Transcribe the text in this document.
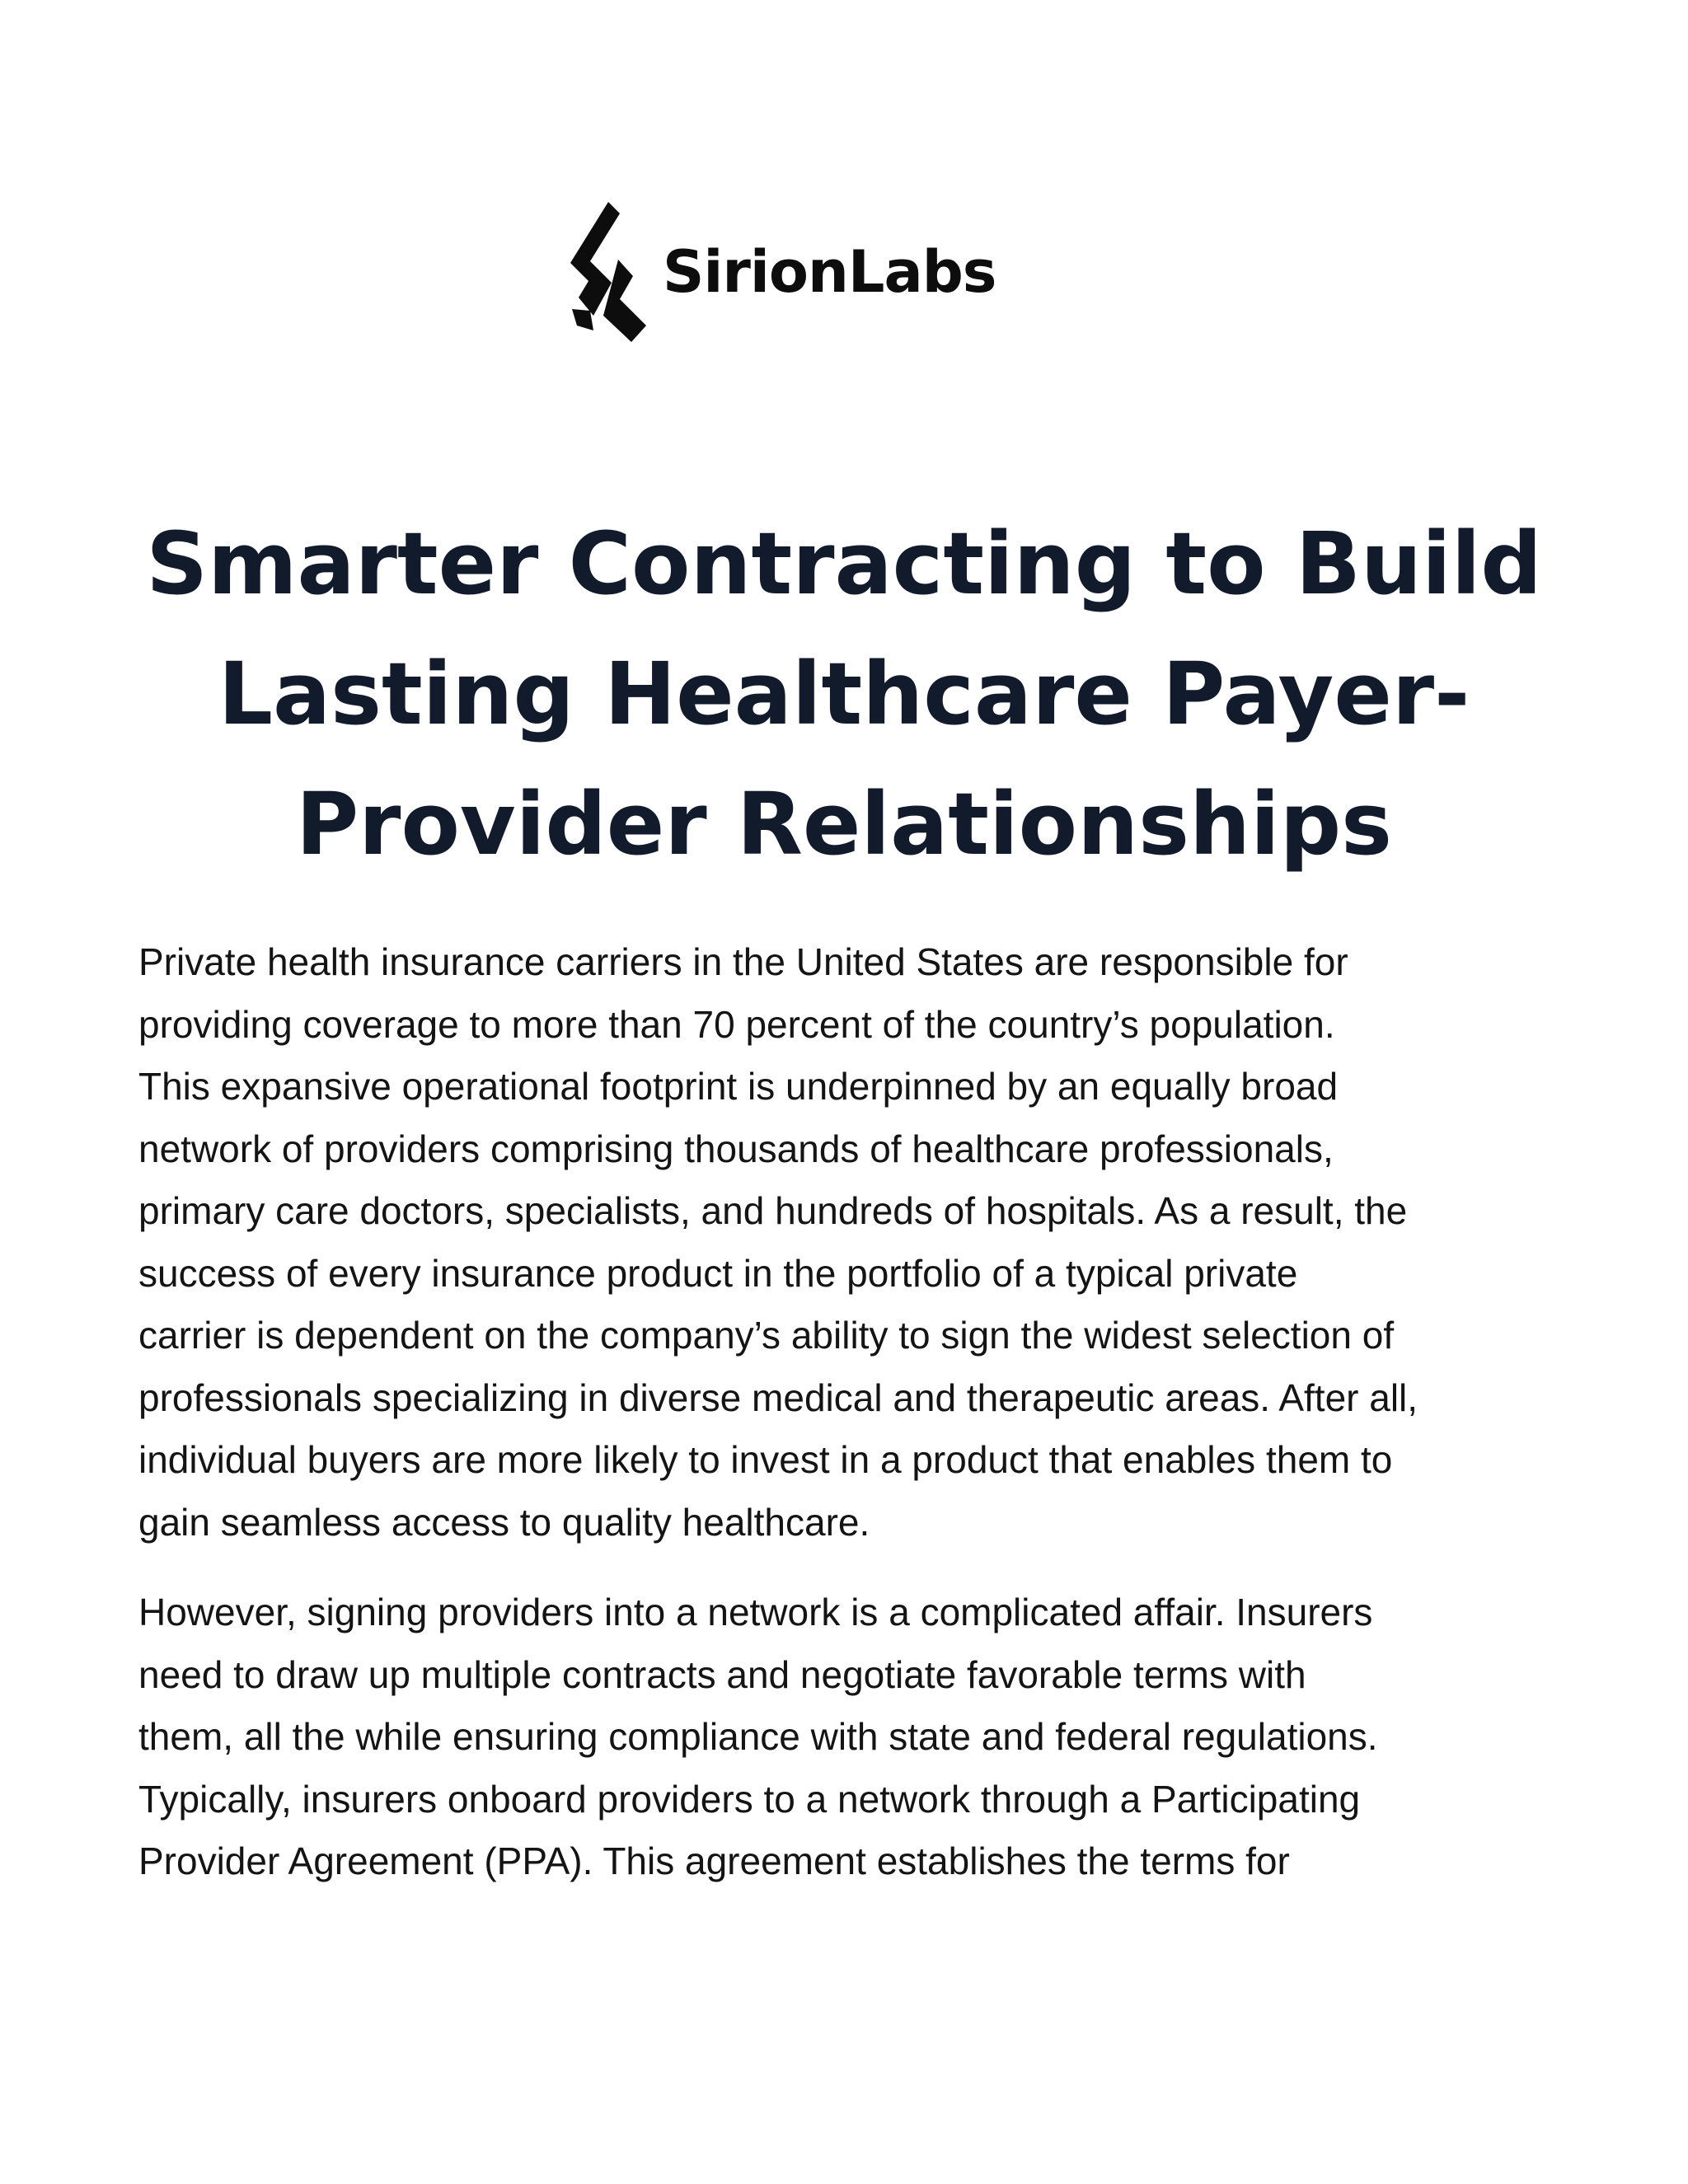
SirionLabs
Smarter Contracting to Build
Lasting Healthcare Payer-
Provider Relationships

Private health insurance carriers in the United States are responsible for
providing coverage to more than 70 percent of the country’s population.
This expansive operational footprint is underpinned by an equally broad
network of providers comprising thousands of healthcare professionals,
primary care doctors, specialists, and hundreds of hospitals. As a result, the
success of every insurance product in the portfolio of a typical private
carrier is dependent on the company’s ability to sign the widest selection of
professionals specializing in diverse medical and therapeutic areas. After all,
individual buyers are more likely to invest in a product that enables them to
gain seamless access to quality healthcare.

However, signing providers into a network is a complicated affair. Insurers
need to draw up multiple contracts and negotiate favorable terms with
them, all the while ensuring compliance with state and federal regulations.
Typically, insurers onboard providers to a network through a Participating
Provider Agreement (PPA). This agreement establishes the terms for
